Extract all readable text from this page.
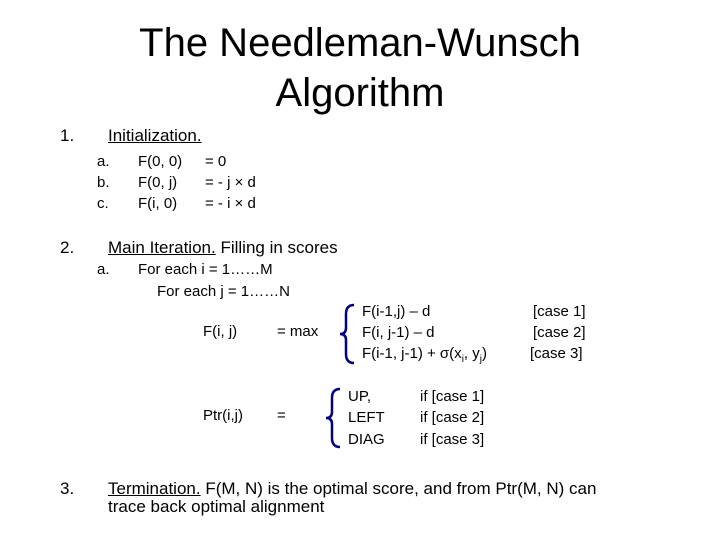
The Needleman-Wunsch
Algorithm
1. Initialization.
a. F(0, 0) = 0
b. F(0, j) = - j × d
c. F(i, 0) = - i × d
2. Main Iteration. Filling in scores
a. For each i = 1……M
For each j = 1……N
F(i, j)	= max
F(i-1,j) – d
F(i, j-1) – d
F(i-1, $j-1) + \sigma(x_i$, $y_j$)
[case 1]
[case 2]
[case 3]
Ptr(i,j) =
UP,
LEFT
DIAG
if [case 1]
if [case 2]
if [case 3]
3. Termination. F(M, N) is the optimal score, and from Ptr(M, N) can
trace back optimal alignment
